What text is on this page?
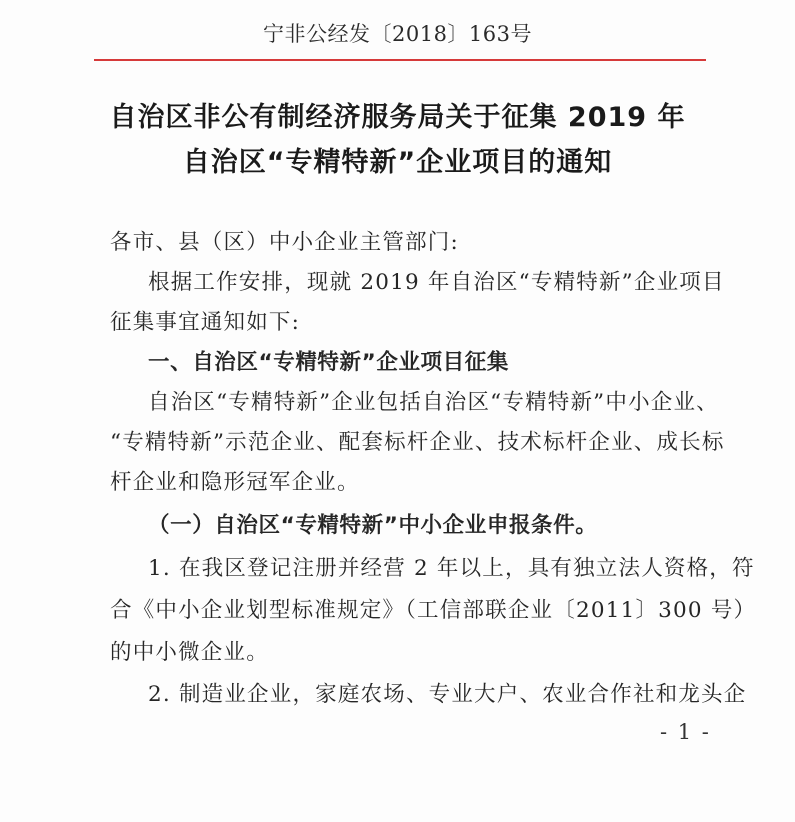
宁非公经发〔2018〕163号
自治区非公有制经济服务局关于征集 2019 年
自治区“专精特新”企业项目的通知
各市、县（区）中小企业主管部门:
根据工作安排，现就 2019 年自治区“专精特新”企业项目
征集事宜通知如下:
一、自治区“专精特新”企业项目征集
自治区“专精特新”企业包括自治区“专精特新”中小企业、
“专精特新”示范企业、配套标杆企业、技术标杆企业、成长标
杆企业和隐形冠军企业。
（一）自治区“专精特新”中小企业申报条件。
1. 在我区登记注册并经营 2 年以上，具有独立法人资格，符
合《中小企业划型标准规定》（工信部联企业〔2011〕300 号）
的中小微企业。
2. 制造业企业，家庭农场、专业大户、农业合作社和龙头企
- 1 -
